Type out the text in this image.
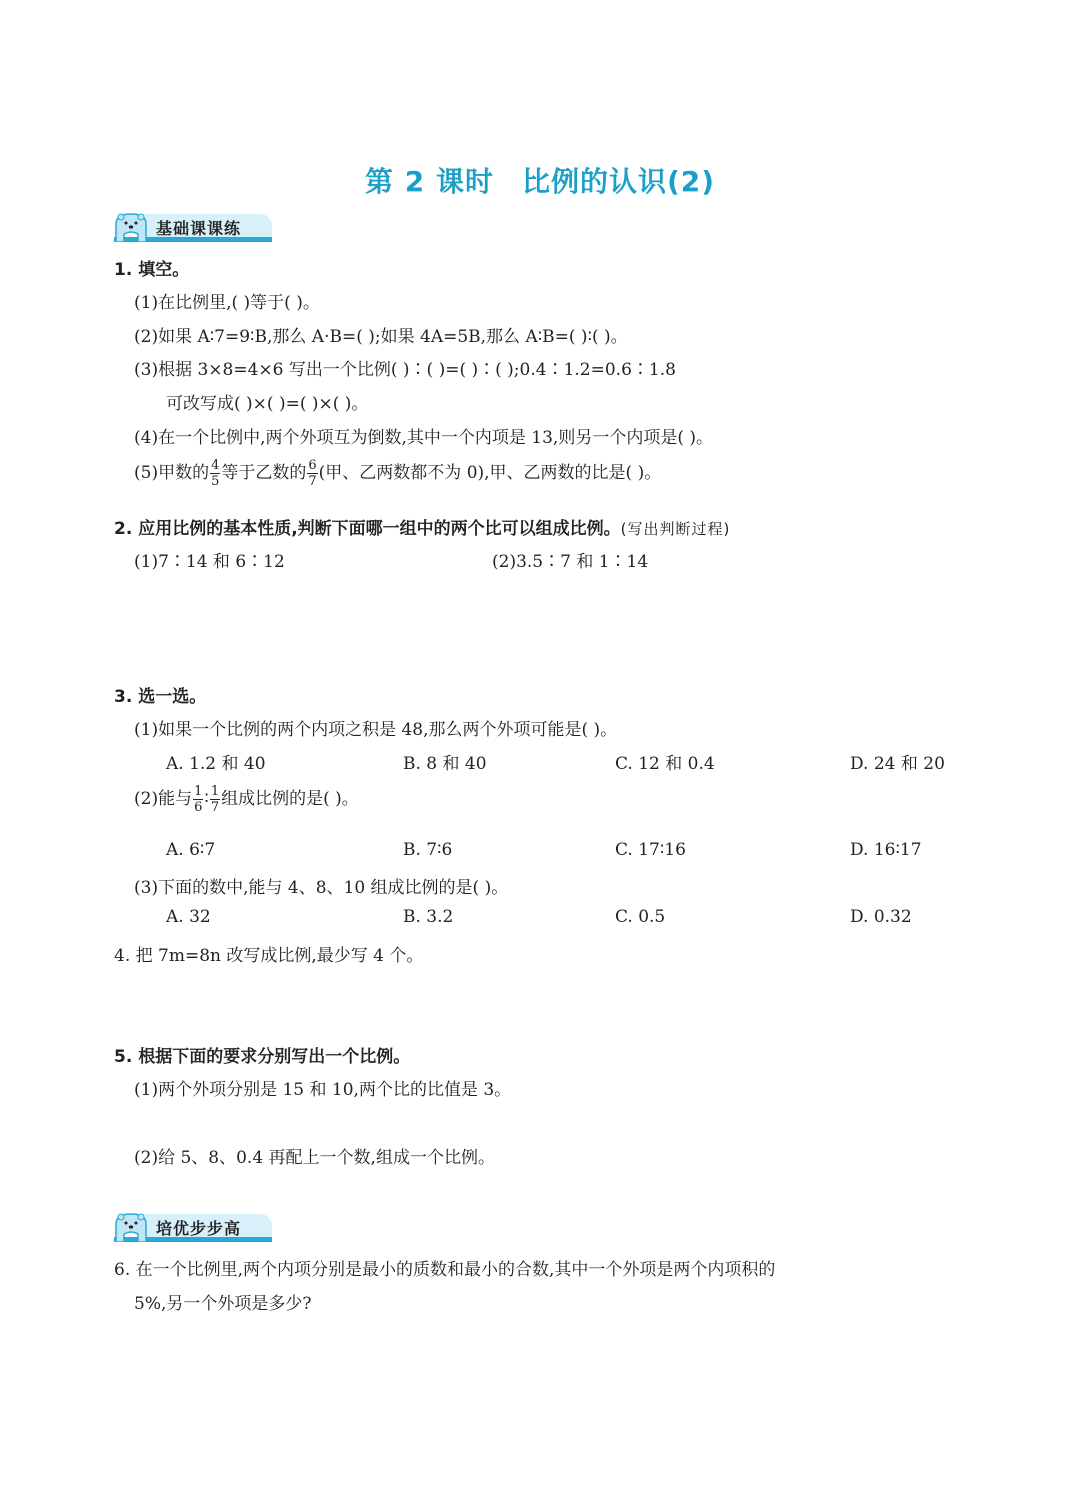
第 2 课时 比例的认识(2)
基础课课练
1. 填空。
(1)在比例里,( )等于( )。
(2)如果 A∶7=9∶B,那么 A·B=( );如果 4A=5B,那么 A∶B=( )∶( )。
(3)根据 3×8=4×6 写出一个比例( )∶( )=( )∶( );0.4∶1.2=0.6∶1.8
可改写成( )×( )=( )×( )。
(4)在一个比例中,两个外项互为倒数,其中一个内项是 13,则另一个内项是( )。
(5)甲数的 $\frac{4}{5}$ 等于乙数的 $\frac{6}{7}$ (甲、乙两数都不为 0),甲、乙两数的比是( )。
2. 应用比例的基本性质,判断下面哪一组中的两个比可以组成比例。(写出判断过程)
(1)7∶14 和 6∶12	(2)3.5∶7 和 1∶14
3. 选一选。
(1)如果一个比例的两个内项之积是 48,那么两个外项可能是( )。
A. 1.2 和 40	B. 8 和 40	C. 12 和 0.4	D. 24 和 20
(2)能与 $\frac{1}{6}$ ∶ $\frac{1}{7}$ 组成比例的是( )。
A. 6∶7	B. 7∶6	C. 17∶16	D. 16∶17
(3)下面的数中,能与 4、8、10 组成比例的是( )。
A. 32	B. 3.2	C. 0.5	D. 0.32
4. 把 7m=8n 改写成比例,最少写 4 个。
5. 根据下面的要求分别写出一个比例。
(1)两个外项分别是 15 和 10,两个比的比值是 3。
(2)给 5、8、0.4 再配上一个数,组成一个比例。
培优步步高
6. 在一个比例里,两个内项分别是最小的质数和最小的合数,其中一个外项是两个内项积的
5%,另一个外项是多少?
